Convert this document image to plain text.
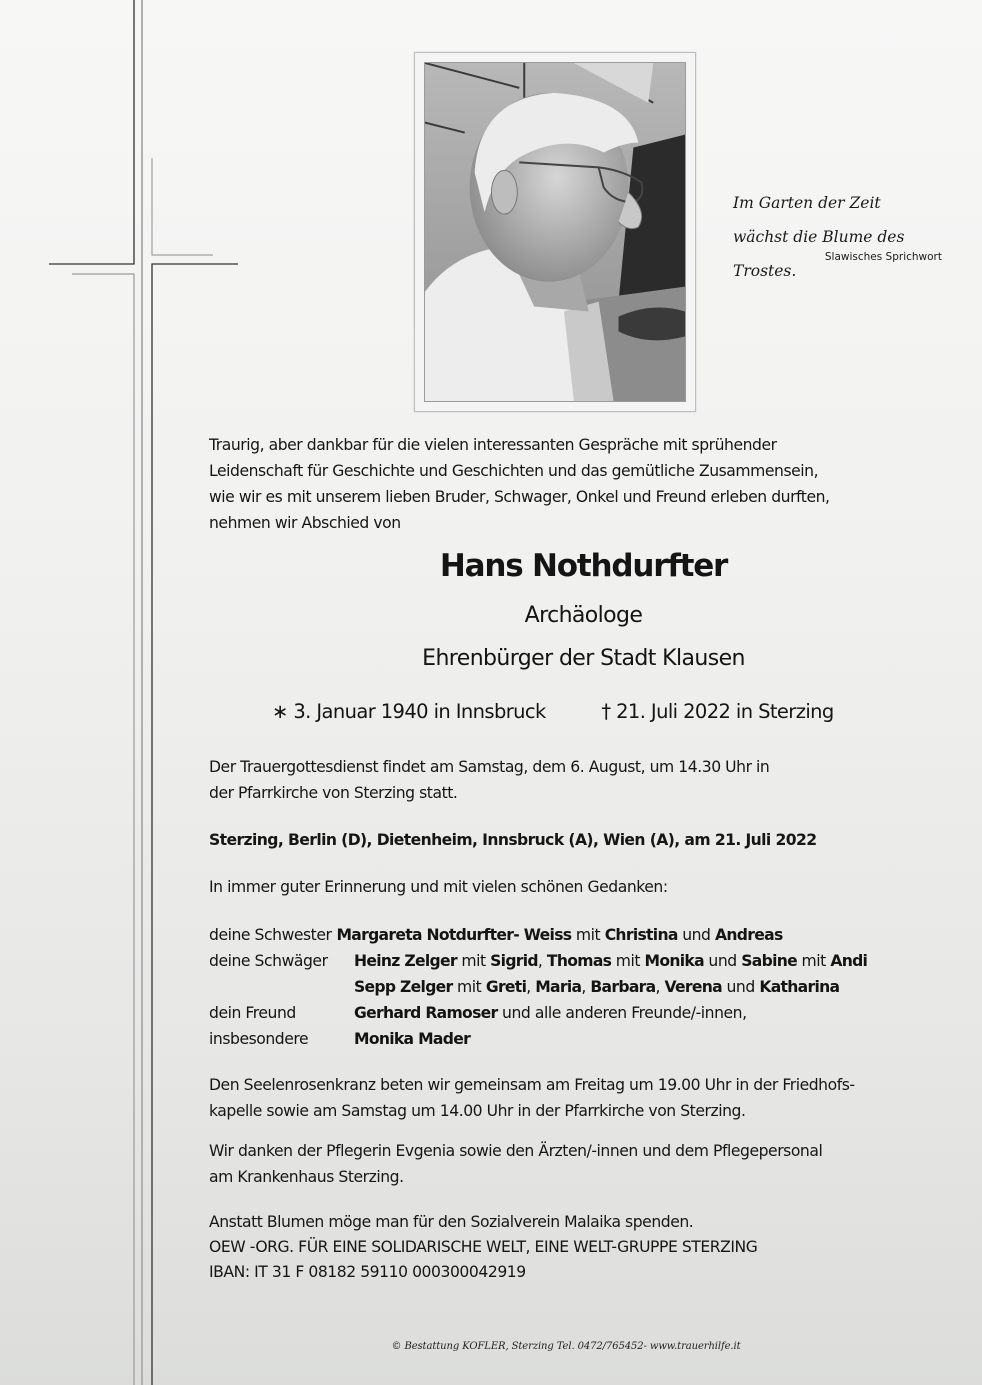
Im Garten der Zeit
wächst die Blume des Trostes.
Slawisches Sprichwort
Traurig, aber dankbar für die vielen interessanten Gespräche mit sprühender
Leidenschaft für Geschichte und Geschichten und das gemütliche Zusammensein,
wie wir es mit unserem lieben Bruder, Schwager, Onkel und Freund erleben durften,
nehmen wir Abschied von
Hans Nothdurfter
Archäologe
Ehrenbürger der Stadt Klausen
∗ 3. Januar 1940 in Innsbruck	† 21. Juli 2022 in Sterzing
Der Trauergottesdienst findet am Samstag, dem 6. August, um 14.30 Uhr in
der Pfarrkirche von Sterzing statt.
Sterzing, Berlin (D), Dietenheim, Innsbruck (A), Wien (A), am 21. Juli 2022
In immer guter Erinnerung und mit vielen schönen Gedanken:
deine Schwester Margareta Notdurfter- Weiss mit Christina und Andreas
deine Schwäger	Heinz Zelger mit Sigrid, Thomas mit Monika und Sabine mit Andi
Sepp Zelger mit Greti, Maria, Barbara, Verena und Katharina
dein Freund	Gerhard Ramoser und alle anderen Freunde/-innen,
insbesondere	Monika Mader
Den Seelenrosenkranz beten wir gemeinsam am Freitag um 19.00 Uhr in der Friedhofs-
kapelle sowie am Samstag um 14.00 Uhr in der Pfarrkirche von Sterzing.
Wir danken der Pflegerin Evgenia sowie den Ärzten/-innen und dem Pflegepersonal
am Krankenhaus Sterzing.
Anstatt Blumen möge man für den Sozialverein Malaika spenden.
OEW -ORG. FÜR EINE SOLIDARISCHE WELT, EINE WELT-GRUPPE STERZING
IBAN: IT 31 F 08182 59110 000300042919
© Bestattung KOFLER, Sterzing Tel. 0472/765452- www.trauerhilfe.it
